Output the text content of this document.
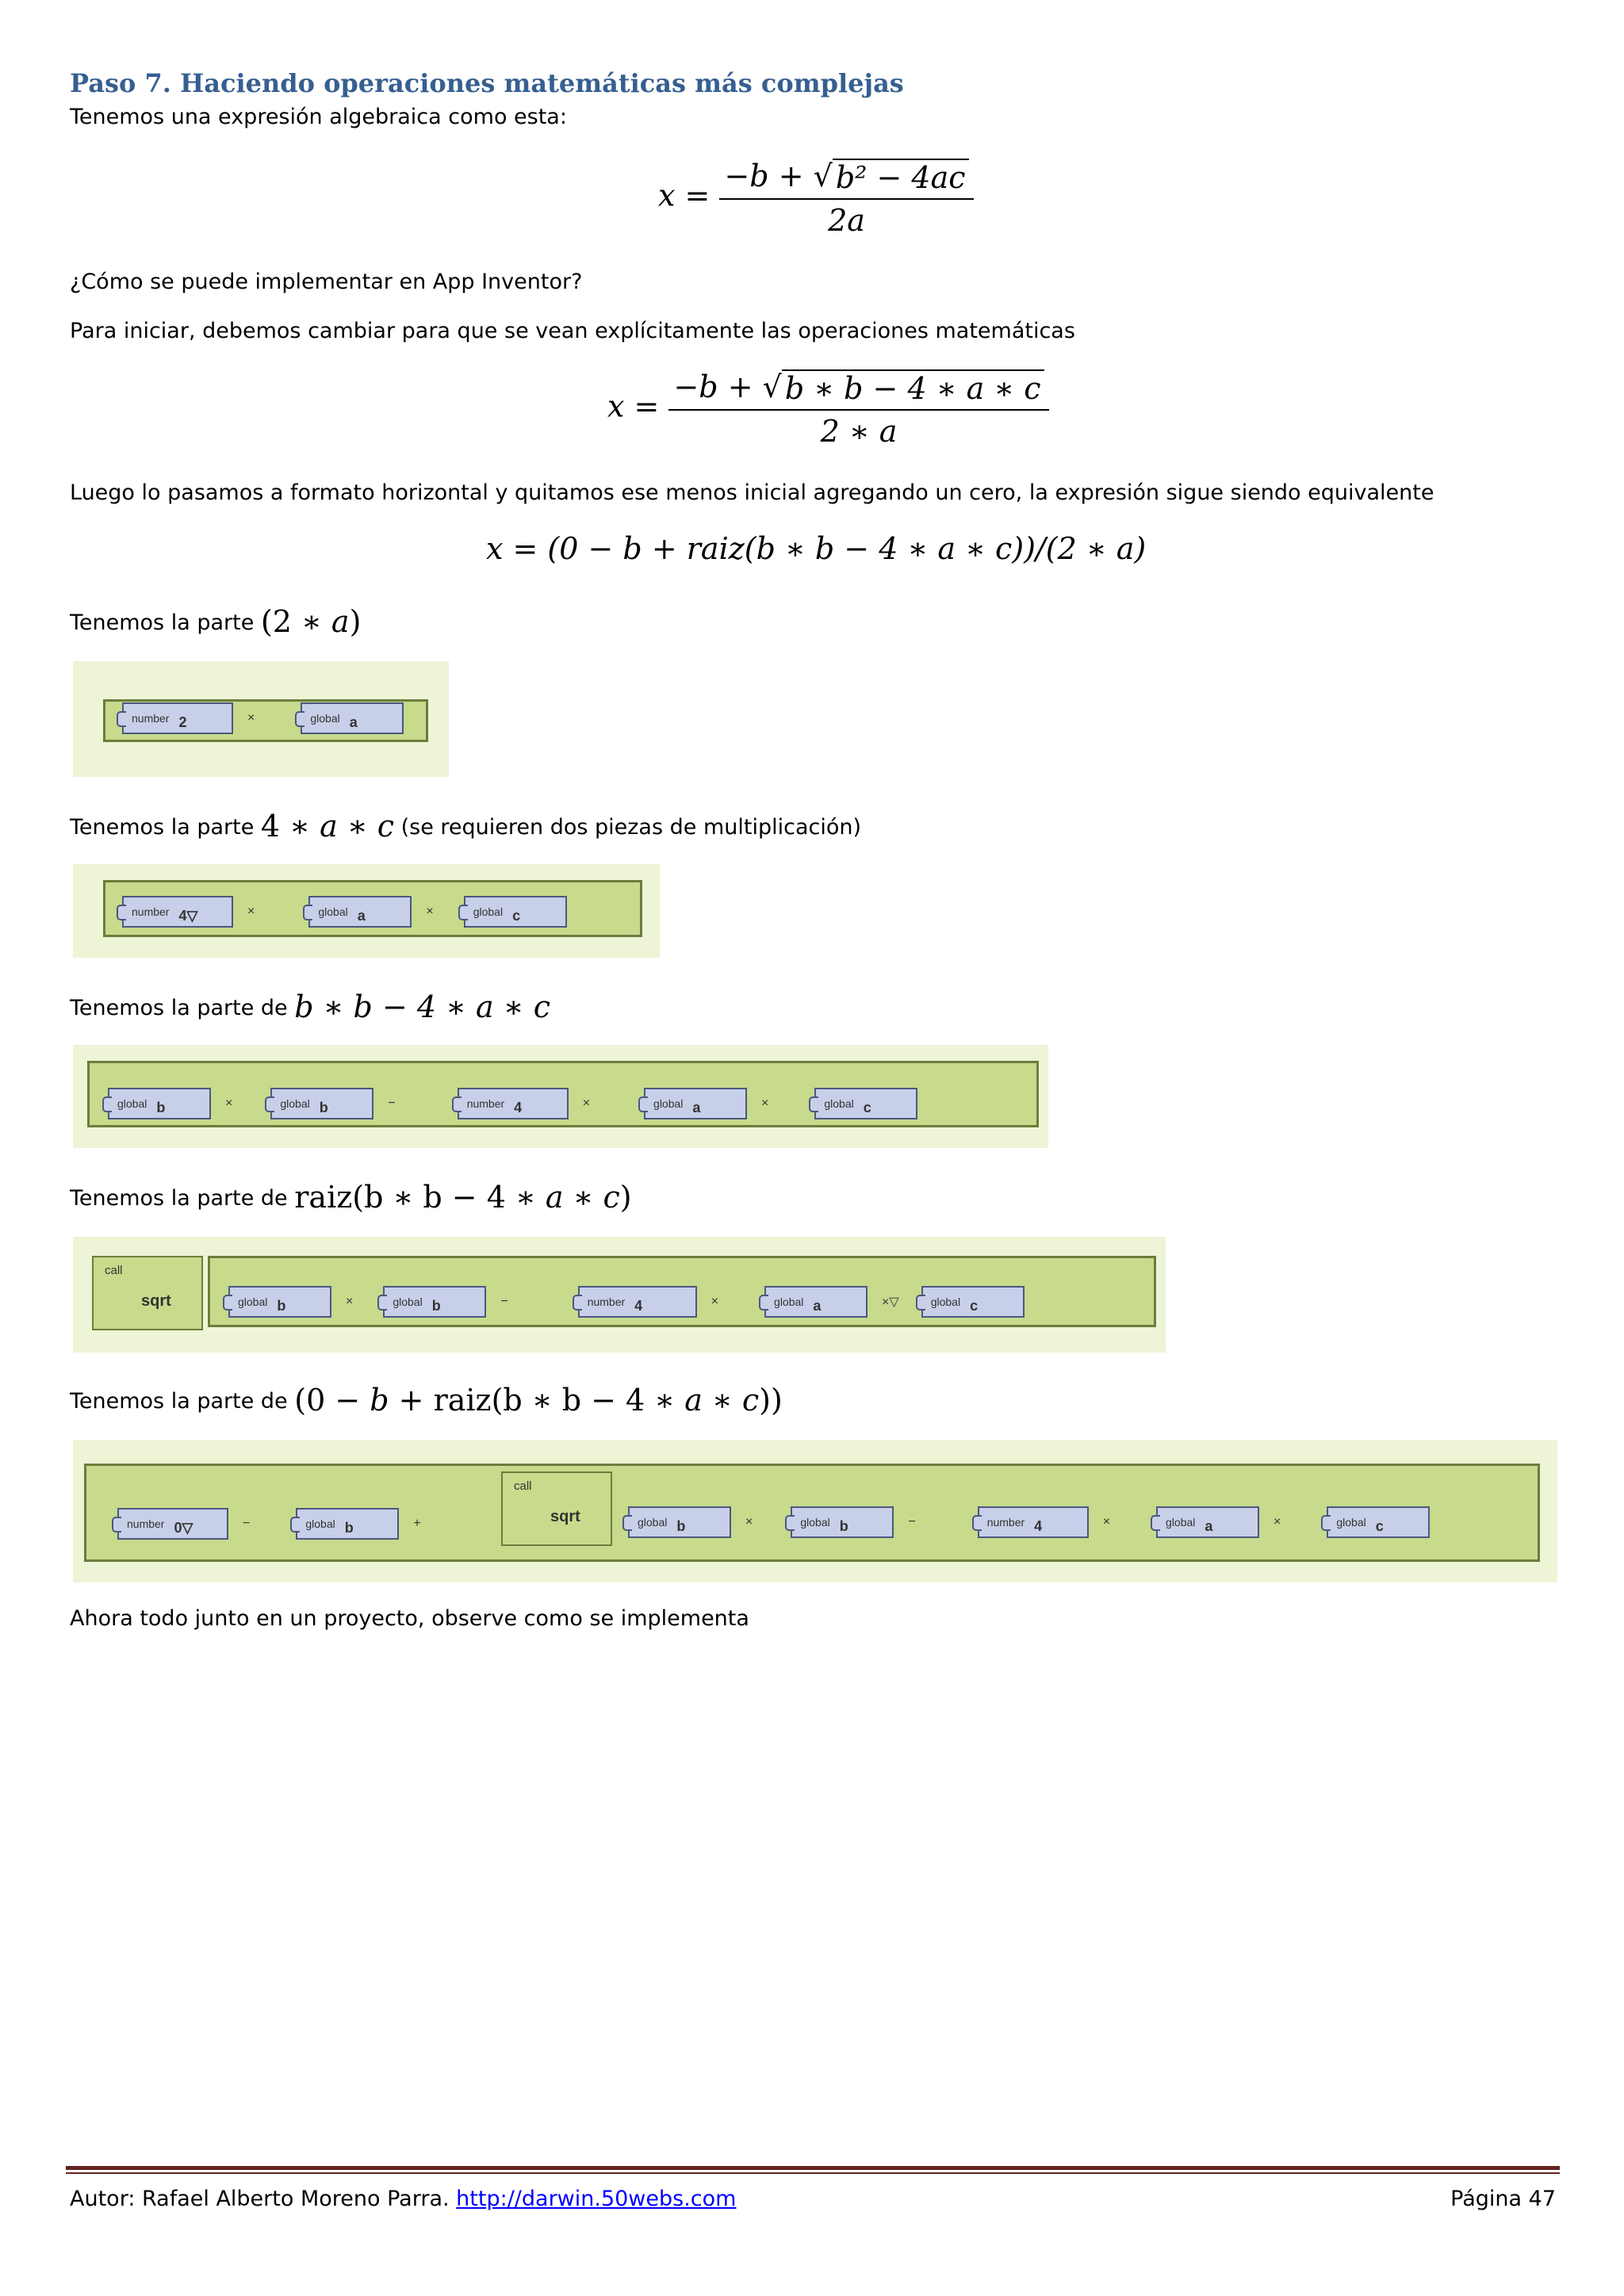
Paso 7. Haciendo operaciones matemáticas más complejas
Tenemos una expresión algebraica como esta:
𝑥 = $\frac{\text{−𝑏 + √ 𝑏² − 4𝑎𝑐}}{\text{2𝑎}}$
¿Cómo se puede implementar en App Inventor?
Para iniciar, debemos cambiar para que se vean explícitamente las operaciones matemáticas
𝑥 = $\frac{\text{−𝑏 + √ b ∗ b − 4 ∗ 𝑎 ∗ 𝑐}}{\text{2 ∗ 𝑎}}$
Luego lo pasamos a formato horizontal y quitamos ese menos inicial agregando un cero, la expresión sigue siendo equivalente
𝑥 = (0 − 𝑏 + raiz(b ∗ b − 4 ∗ 𝑎 ∗ 𝑐))/(2 ∗ 𝑎)
Tenemos la parte (2 ∗ 𝑎)
number 2	×	global a
Tenemos la parte 4 ∗ 𝑎 ∗ 𝑐 (se requieren dos piezas de multiplicación)
number 4▽	×	global a	×	global c
Tenemos la parte de 𝑏 ∗ 𝑏 − 4 ∗ 𝑎 ∗ 𝑐
global b	×	global b	−	number 4	×	global a	×	global c
Tenemos la parte de raiz(b ∗ b − 4 ∗ 𝑎 ∗ 𝑐)
call
sqrt	global b	×	global b	−	number 4	×	global a	×▽	global c
Tenemos la parte de (0 − 𝑏 + raiz(b ∗ b − 4 ∗ 𝑎 ∗ 𝑐))
call
sqrt
number 0▽	−	global b	+	global b	×	global b	−	number 4	×	global a	×	global c
Ahora todo junto en un proyecto, observe como se implementa
Autor: Rafael Alberto Moreno Parra. http://darwin.50webs.com	Página 47
